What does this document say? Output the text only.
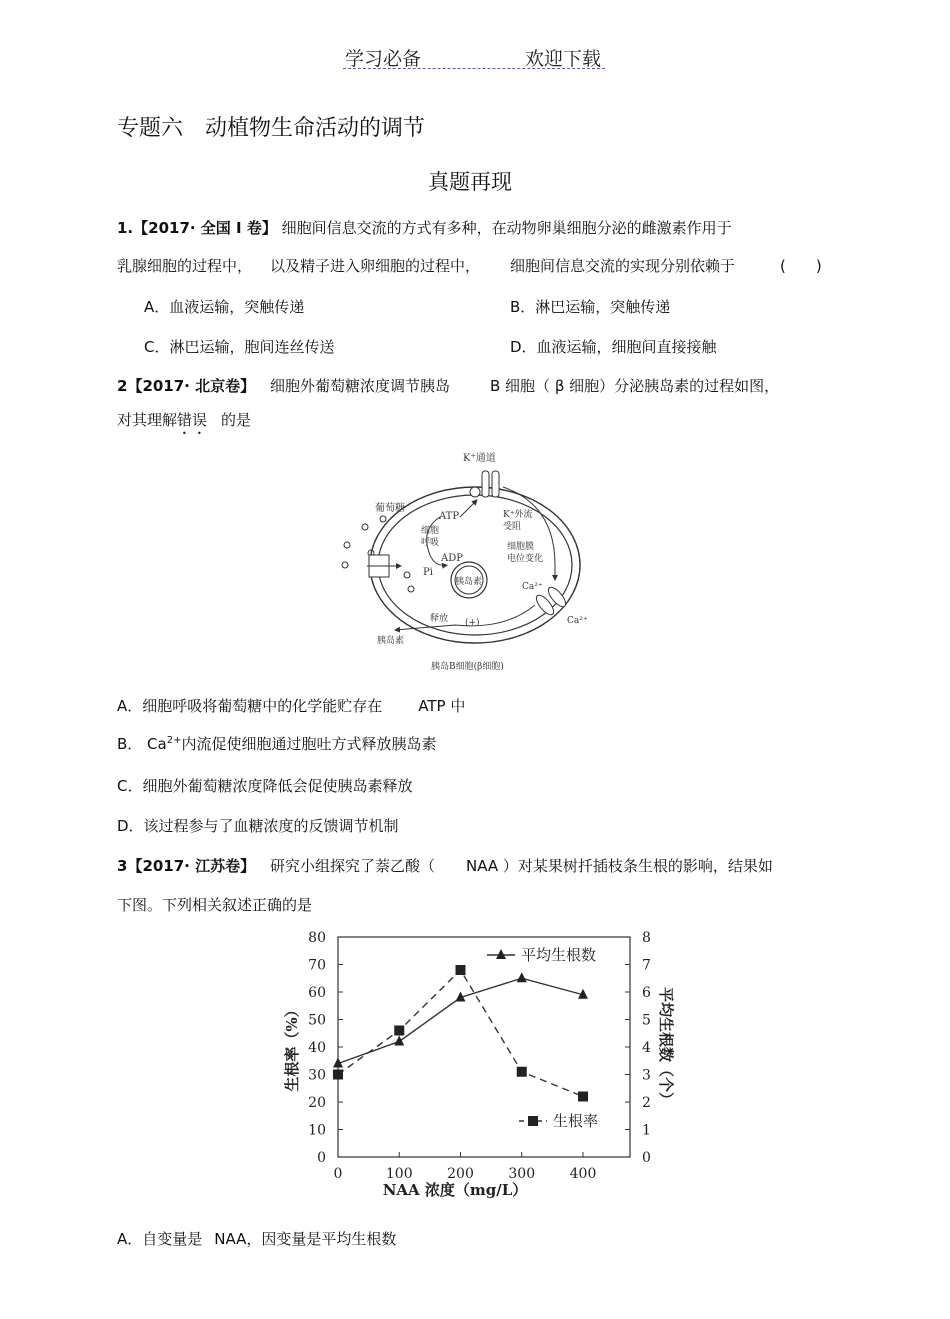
学习必备	欢迎下载
专题六　动植物生命活动的调节
真题再现
1.【2017· 全国 I 卷】 细胞间信息交流的方式有多种，在动物卵巢细胞分泌的雌激素作用于
乳腺细胞的过程中， 以及精子进入卵细胞的过程中， 细胞间信息交流的实现分别依赖于	(　　)
A．血液运输，突触传递	B．淋巴运输，突触传递
C．淋巴运输，胞间连丝传送	D．血液运输，细胞间直接接触
2【2017· 北京卷】 细胞外葡萄糖浓度调节胰岛	B 细胞（ β 细胞）分泌胰岛素的过程如图，
对其理解错误 的是
K⁺通道
葡萄糖
ATP
细胞
呼吸
ADP
Pi
K⁺外流
受阻
细胞膜
电位变化
Ca²⁺
Ca²⁺
胰岛素
释放 (+)
胰岛素
胰岛B细胞(β细胞)
A．细胞呼吸将葡萄糖中的化学能贮存在 ATP 中
B． $Ca^{2+}$内流促使细胞通过胞吐方式释放胰岛素
C．细胞外葡萄糖浓度降低会促使胰岛素释放
D．该过程参与了血糖浓度的反馈调节机制
3【2017· 江苏卷】 研究小组探究了萘乙酸（ NAA ）对某果树扦插枝条生根的影响，结果如
下图。下列相关叙述正确的是
0
10
20
30
40
50
60
70
80
0
1
2
3
4
5
6
7
8
0	100 200 300 400
NAA 浓度（mg/L）
生根率（%）	平均生根数（个）
平均生根数
生根率
A．自变量是 NAA，因变量是平均生根数
